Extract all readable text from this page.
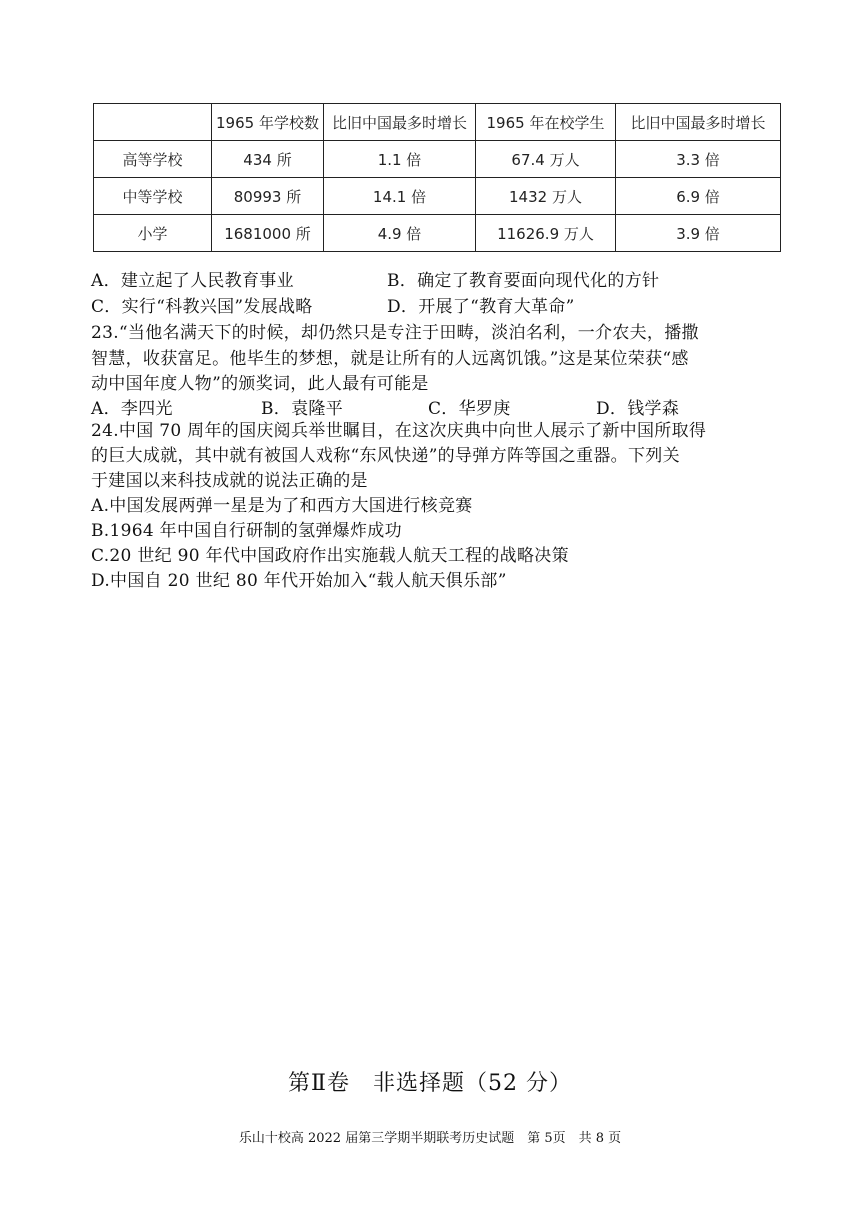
	1965 年学校数	比旧中国最多时增长	1965 年在校学生	比旧中国最多时增长
高等学校	434 所	1.1 倍	67.4 万人	3.3 倍
中等学校	80993 所	14.1 倍	1432 万人	6.9 倍
小学	1681000 所	4.9 倍	11626.9 万人	3.9 倍
A．建立起了人民教育事业	B．确定了教育要面向现代化的方针
C．实行“科教兴国”发展战略	D．开展了“教育大革命”
23.“当他名满天下的时候，却仍然只是专注于田畴，淡泊名利，一介农夫，播撒
智慧，收获富足。他毕生的梦想，就是让所有的人远离饥饿。”这是某位荣获“感
动中国年度人物”的颁奖词，此人最有可能是
A．李四光	B．袁隆平	C．华罗庚	D．钱学森
24.中国 70 周年的国庆阅兵举世瞩目，在这次庆典中向世人展示了新中国所取得
的巨大成就，其中就有被国人戏称“东风快递”的导弹方阵等国之重器。下列关
于建国以来科技成就的说法正确的是
A.中国发展两弹一星是为了和西方大国进行核竞赛
B.1964 年中国自行研制的氢弹爆炸成功
C.20 世纪 90 年代中国政府作出实施载人航天工程的战略决策
D.中国自 20 世纪 80 年代开始加入“载人航天俱乐部”
第Ⅱ卷　非选择题（52 分）
乐山十校高 2022 届第三学期半期联考历史试题　第 5页　共 8 页
